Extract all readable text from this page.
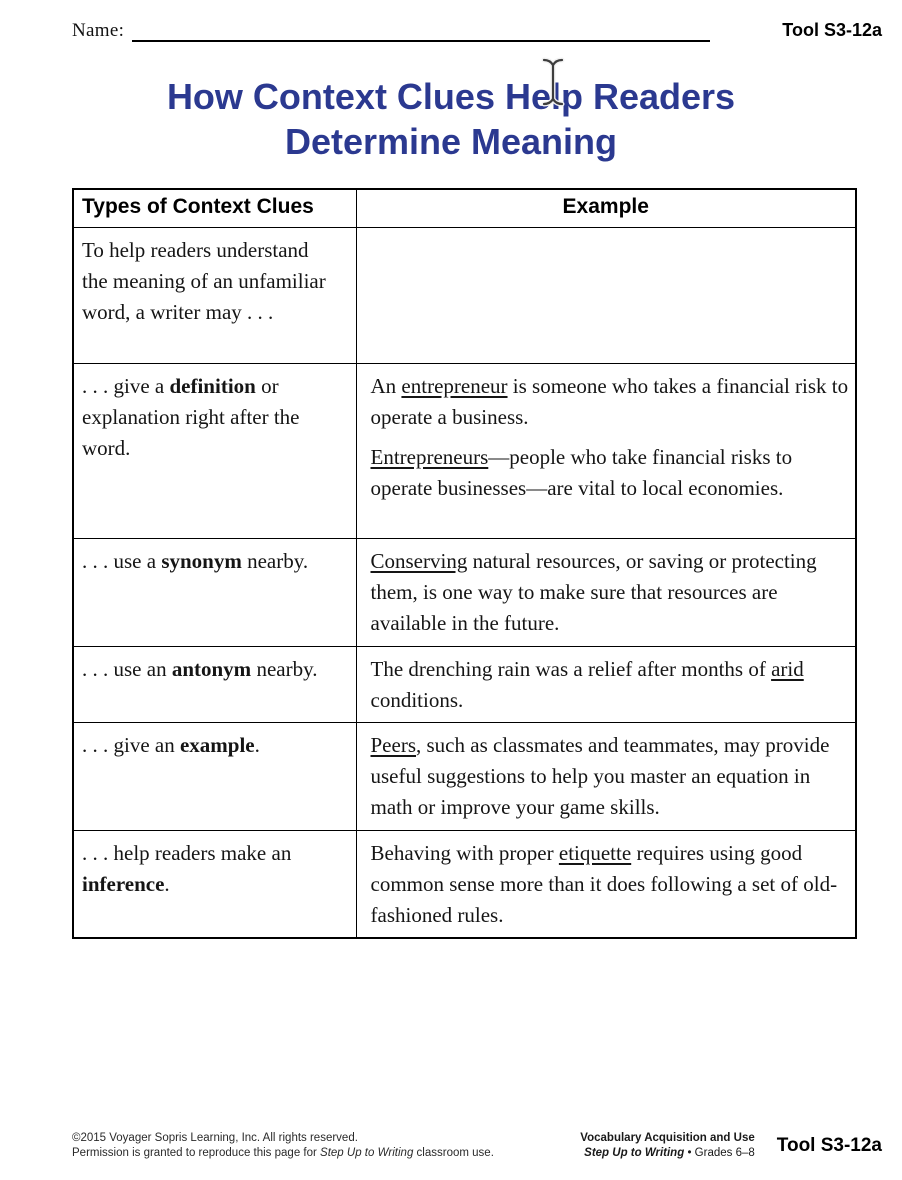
Name:	Tool S3-12a
How Context Clues Help Readers
Determine Meaning
Types of Context Clues	Example

To help readers understand the meaning of an unfamiliar word, a writer may . . .	

. . . give a definition or explanation right after the word.	An entrepreneur is someone who takes a financial risk to operate a business.

Entrepreneurs—people who take financial risks to operate businesses—are vital to local economies.

. . . use a synonym nearby.	Conserving natural resources, or saving or protecting them, is one way to make sure that resources are available in the future.

. . . use an antonym nearby.	The drenching rain was a relief after months of arid conditions.

. . . give an example.	Peers, such as classmates and teammates, may provide useful suggestions to help you master an equation in math or improve your game skills.

. . . help readers make an inference.	Behaving with proper etiquette requires using good common sense more than it does following a set of old-fashioned rules.

©2015 Voyager Sopris Learning, Inc. All rights reserved.
Permission is granted to reproduce this page for Step Up to Writing classroom use.
Vocabulary Acquisition and Use
Step Up to Writing • Grades 6–8 Tool S3-12a
